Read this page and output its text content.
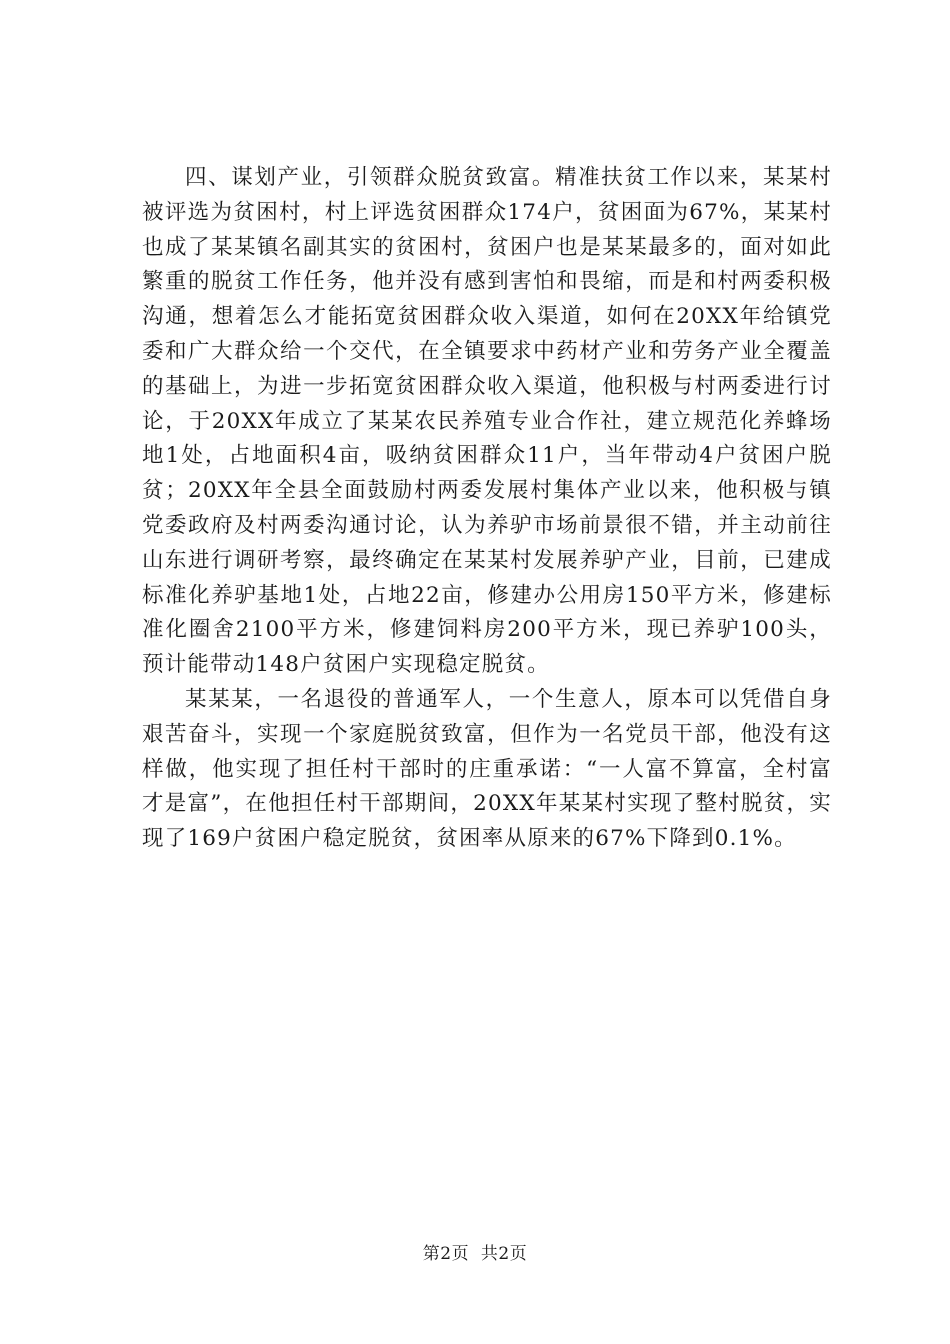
四、谋划产业，引领群众脱贫致富。精准扶贫工作以来，某某村被评选为贫困村，村上评选贫困群众174户，贫困面为67%，某某村也成了某某镇名副其实的贫困村，贫困户也是某某最多的，面对如此繁重的脱贫工作任务，他并没有感到害怕和畏缩，而是和村两委积极沟通，想着怎么才能拓宽贫困群众收入渠道，如何在20XX年给镇党委和广大群众给一个交代，在全镇要求中药材产业和劳务产业全覆盖的基础上，为进一步拓宽贫困群众收入渠道，他积极与村两委进行讨论，于20XX年成立了某某农民养殖专业合作社，建立规范化养蜂场地1处，占地面积4亩，吸纳贫困群众11户，当年带动4户贫困户脱贫；20XX年全县全面鼓励村两委发展村集体产业以来，他积极与镇党委政府及村两委沟通讨论，认为养驴市场前景很不错，并主动前往山东进行调研考察，最终确定在某某村发展养驴产业，目前，已建成标准化养驴基地1处，占地22亩，修建办公用房150平方米，修建标准化圈舍2100平方米，修建饲料房200平方米，现已养驴100头，预计能带动148户贫困户实现稳定脱贫。

某某某，一名退役的普通军人，一个生意人，原本可以凭借自身艰苦奋斗，实现一个家庭脱贫致富，但作为一名党员干部，他没有这样做，他实现了担任村干部时的庄重承诺：“一人富不算富，全村富才是富”，在他担任村干部期间，20XX年某某村实现了整村脱贫，实现了169户贫困户稳定脱贫，贫困率从原来的67%下降到0.1%。

第2页  共2页
